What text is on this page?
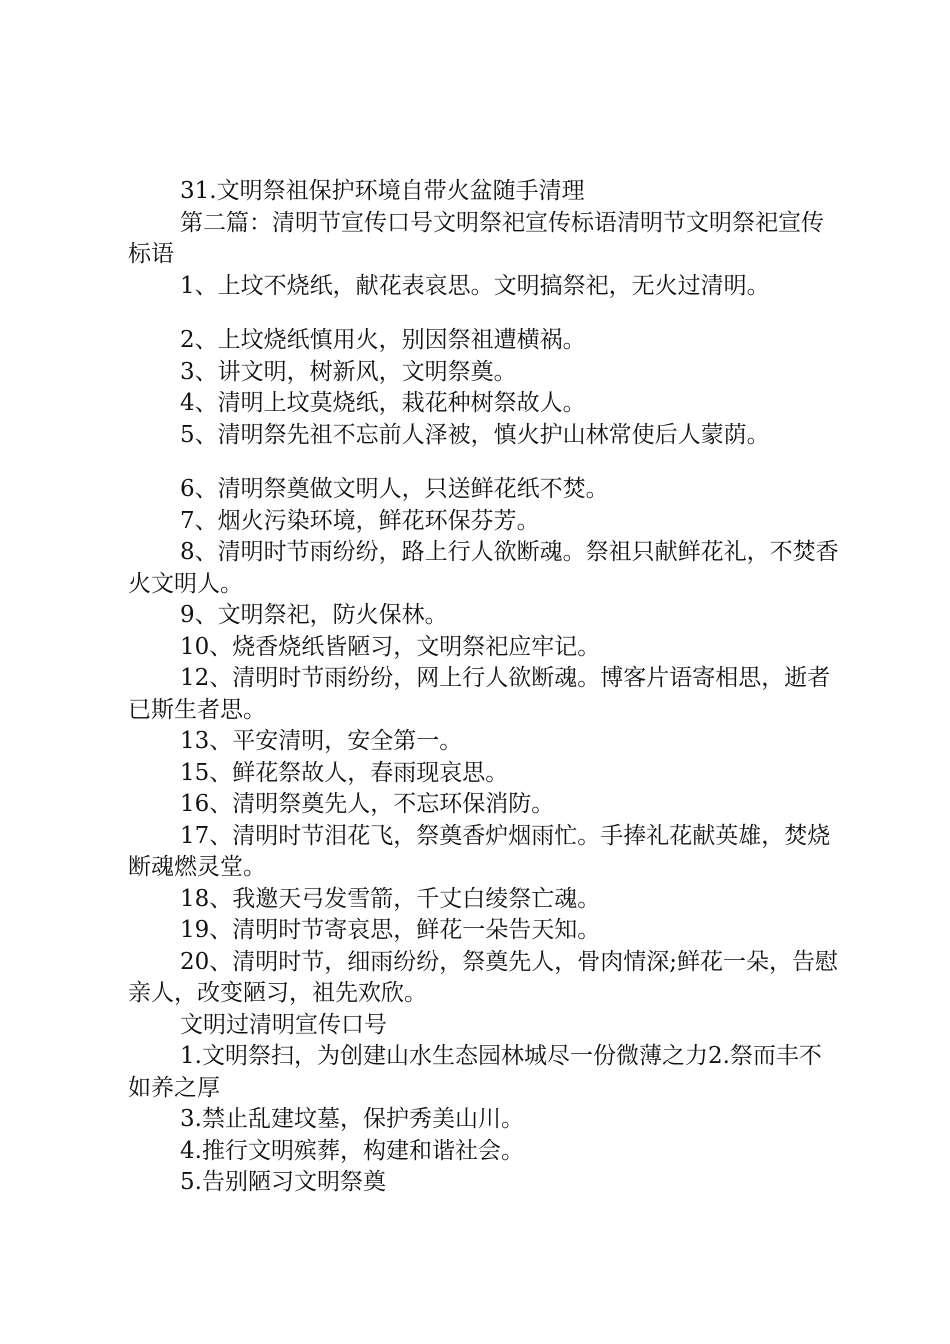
31.文明祭祖保护环境自带火盆随手清理

第二篇：清明节宣传口号文明祭祀宣传标语清明节文明祭祀宣传标语

1、上坟不烧纸，献花表哀思。文明搞祭祀，无火过清明。

2、上坟烧纸慎用火，别因祭祖遭横祸。

3、讲文明，树新风，文明祭奠。

4、清明上坟莫烧纸，栽花种树祭故人。

5、清明祭先祖不忘前人泽被，慎火护山林常使后人蒙荫。

6、清明祭奠做文明人，只送鲜花纸不焚。

7、烟火污染环境，鲜花环保芬芳。

8、清明时节雨纷纷，路上行人欲断魂。祭祖只献鲜花礼，不焚香火文明人。

9、文明祭祀，防火保林。

10、烧香烧纸皆陋习，文明祭祀应牢记。

12、清明时节雨纷纷，网上行人欲断魂。博客片语寄相思，逝者已斯生者思。

13、平安清明，安全第一。

15、鲜花祭故人，春雨现哀思。

16、清明祭奠先人，不忘环保消防。

17、清明时节泪花飞，祭奠香炉烟雨忙。手捧礼花献英雄，焚烧断魂燃灵堂。

18、我邀天弓发雪箭，千丈白绫祭亡魂。

19、清明时节寄哀思，鲜花一朵告天知。

20、清明时节，细雨纷纷，祭奠先人，骨肉情深;鲜花一朵，告慰亲人，改变陋习，祖先欢欣。

文明过清明宣传口号

1.文明祭扫，为创建山水生态园林城尽一份微薄之力2.祭而丰不如养之厚

3.禁止乱建坟墓，保护秀美山川。

4.推行文明殡葬，构建和谐社会。

5.告别陋习文明祭奠
